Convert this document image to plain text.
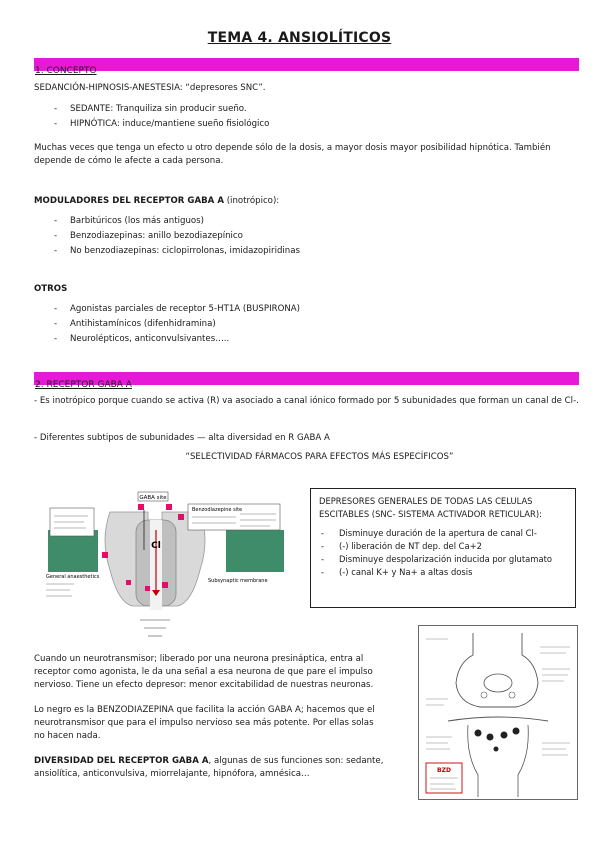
TEMA 4. ANSIOLÍTICOS
1. CONCEPTO
SEDANCIÓN-HIPNOSIS-ANESTESIA: “depresores SNC”.
- SEDANTE: Tranquiliza sin producir sueño.
- HIPNÓTICA: induce/mantiene sueño fisiológico
Muchas veces que tenga un efecto u otro depende sólo de la dosis, a mayor dosis mayor posibilidad hipnótica. También depende de cómo le afecte a cada persona.
MODULADORES DEL RECEPTOR GABA A (inotrópico):
- Barbitúricos (los más antiguos)
- Benzodiazepinas: anillo bezodiazepínico
- No benzodiazepinas: ciclopirrolonas, imidazopiridinas
OTROS
- Agonistas parciales de receptor 5-HT1A (BUSPIRONA)
- Antihistamínicos (difenhidramina)
- Neurolépticos, anticonvulsivantes…..
2. RECEPTOR GABA A
- Es inotrópico porque cuando se activa (R) va asociado a canal iónico formado por 5 subunidades que forman un canal de Cl-.
- Diferentes subtipos de subunidades — alta diversidad en R GABA A
“SELECTIVIDAD FÁRMACOS PARA EFECTOS MÁS ESPECÍFICOS”
GABA site
Benzodiazepine site
Cl
General anaesthetics
Subsynaptic membrane
DEPRESORES GENERALES DE TODAS LAS CELULAS ESCITABLES (SNC- SISTEMA ACTIVADOR RETICULAR):
- Disminuye duración de la apertura de canal Cl-
- (-) liberación de NT dep. del Ca+2
- Disminuye despolarización inducida por glutamato
- (-) canal K+ y Na+ a altas dosis
Cuando un neurotransmisor; liberado por una neurona presináptica, entra al receptor como agonista, le da una señal a esa neurona de que pare el impulso nervioso. Tiene un efecto depresor: menor excitabilidad de nuestras neuronas.
Lo negro es la BENZODIAZEPINA que facilita la acción GABA A; hacemos que el neurotransmisor que para el impulso nervioso sea más potente. Por ellas solas no hacen nada.
DIVERSIDAD DEL RECEPTOR GABA A, algunas de sus funciones son: sedante, ansiolítica, anticonvulsiva, miorrelajante, hipnófora, amnésica…	BZD
